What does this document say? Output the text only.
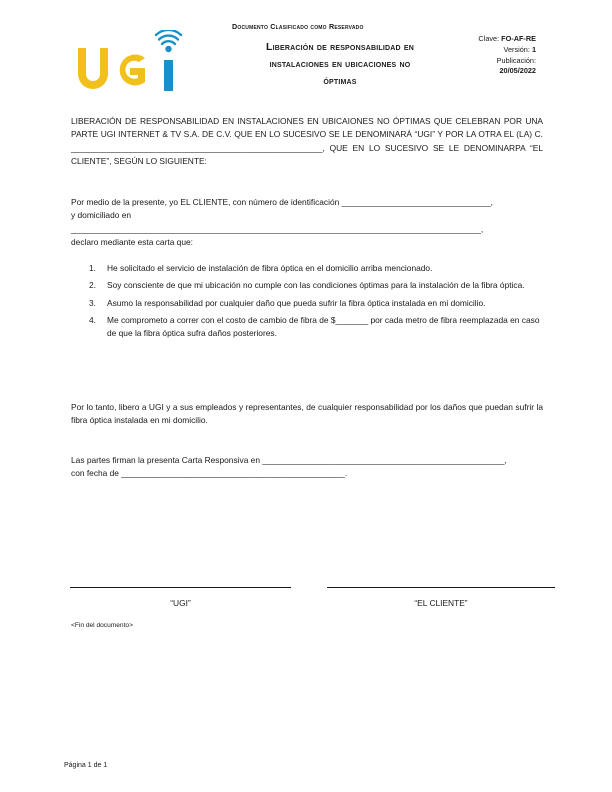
Documento Clasificado como Reservado
Liberación de responsabilidad en
instalaciones en ubicaciones no
óptimas
Clave: FO-AF-RE
Versión: 1
Publicación:
20/05/2022
LIBERACIÓN DE RESPONSABILIDAD EN INSTALACIONES EN UBICAIONES NO ÓPTIMAS QUE CELEBRAN POR UNA PARTE UGI INTERNET & TV S.A. DE C.V. QUE EN LO SUCESIVO SE LE DENOMINARÁ “UGI” Y POR LA OTRA EL (LA) C. ______________________________________________________, QUE EN LO SUCESIVO SE LE DENOMINARPA “EL CLIENTE”, SEGÚN LO SIGUIENTE:
Por medio de la presente, yo EL CLIENTE, con número de identificación ________________________________,
y domiciliado en ________________________________________________________________________________________,
declaro mediante esta carta que:
1.	He solicitado el servicio de instalación de fibra óptica en el domicilio arriba mencionado.
2.	Soy consciente de que mi ubicación no cumple con las condiciones óptimas para la instalación de la fibra óptica.
3.	Asumo la responsabilidad por cualquier daño que pueda sufrir la fibra óptica instalada en mi domicilio.
4.	Me comprometo a correr con el costo de cambio de fibra de $_______ por cada metro de fibra reemplazada en caso de que la fibra óptica sufra daños posteriores.
Por lo tanto, libero a UGI y a sus empleados y representantes, de cualquier responsabilidad por los daños que puedan sufrir la fibra óptica instalada en mi domicilio.
Las partes firman la presenta Carta Responsiva en ____________________________________________________,
con fecha de ________________________________________________.
“UGI”	“EL CLIENTE”
<Fin del documento>
Página 1 de 1
